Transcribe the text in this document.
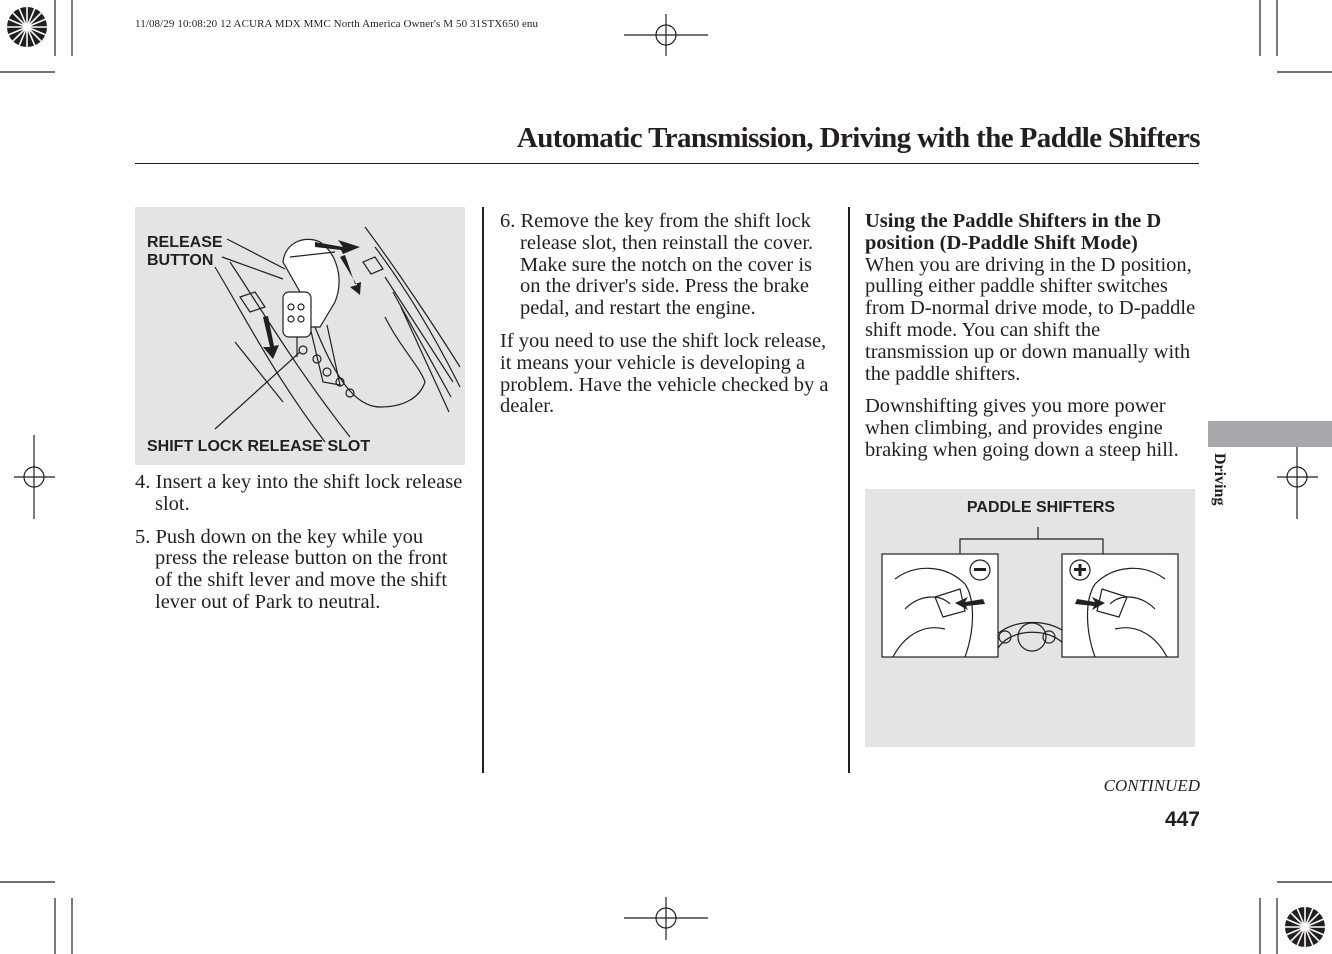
11/08/29 10:08:20 12 ACURA MDX MMC North America Owner's M 50 31STX650 enu
Automatic Transmission, Driving with the Paddle Shifters
RELEASE
BUTTON
SHIFT LOCK RELEASE SLOT
4. Insert a key into the shift lock release slot.
5. Push down on the key while you press the release button on the front of the shift lever and move the shift lever out of Park to neutral.
6. Remove the key from the shift lock release slot, then reinstall the cover. Make sure the notch on the cover is on the driver's side. Press the brake pedal, and restart the engine.
If you need to use the shift lock release, it means your vehicle is developing a problem. Have the vehicle checked by a dealer.
Using the Paddle Shifters in the D position (D-Paddle Shift Mode)
When you are driving in the D position, pulling either paddle shifter switches from D-normal drive mode, to D-paddle shift mode. You can shift the transmission up or down manually with the paddle shifters.
Downshifting gives you more power when climbing, and provides engine braking when going down a steep hill.
PADDLE SHIFTERS
Driving
CONTINUED
447
